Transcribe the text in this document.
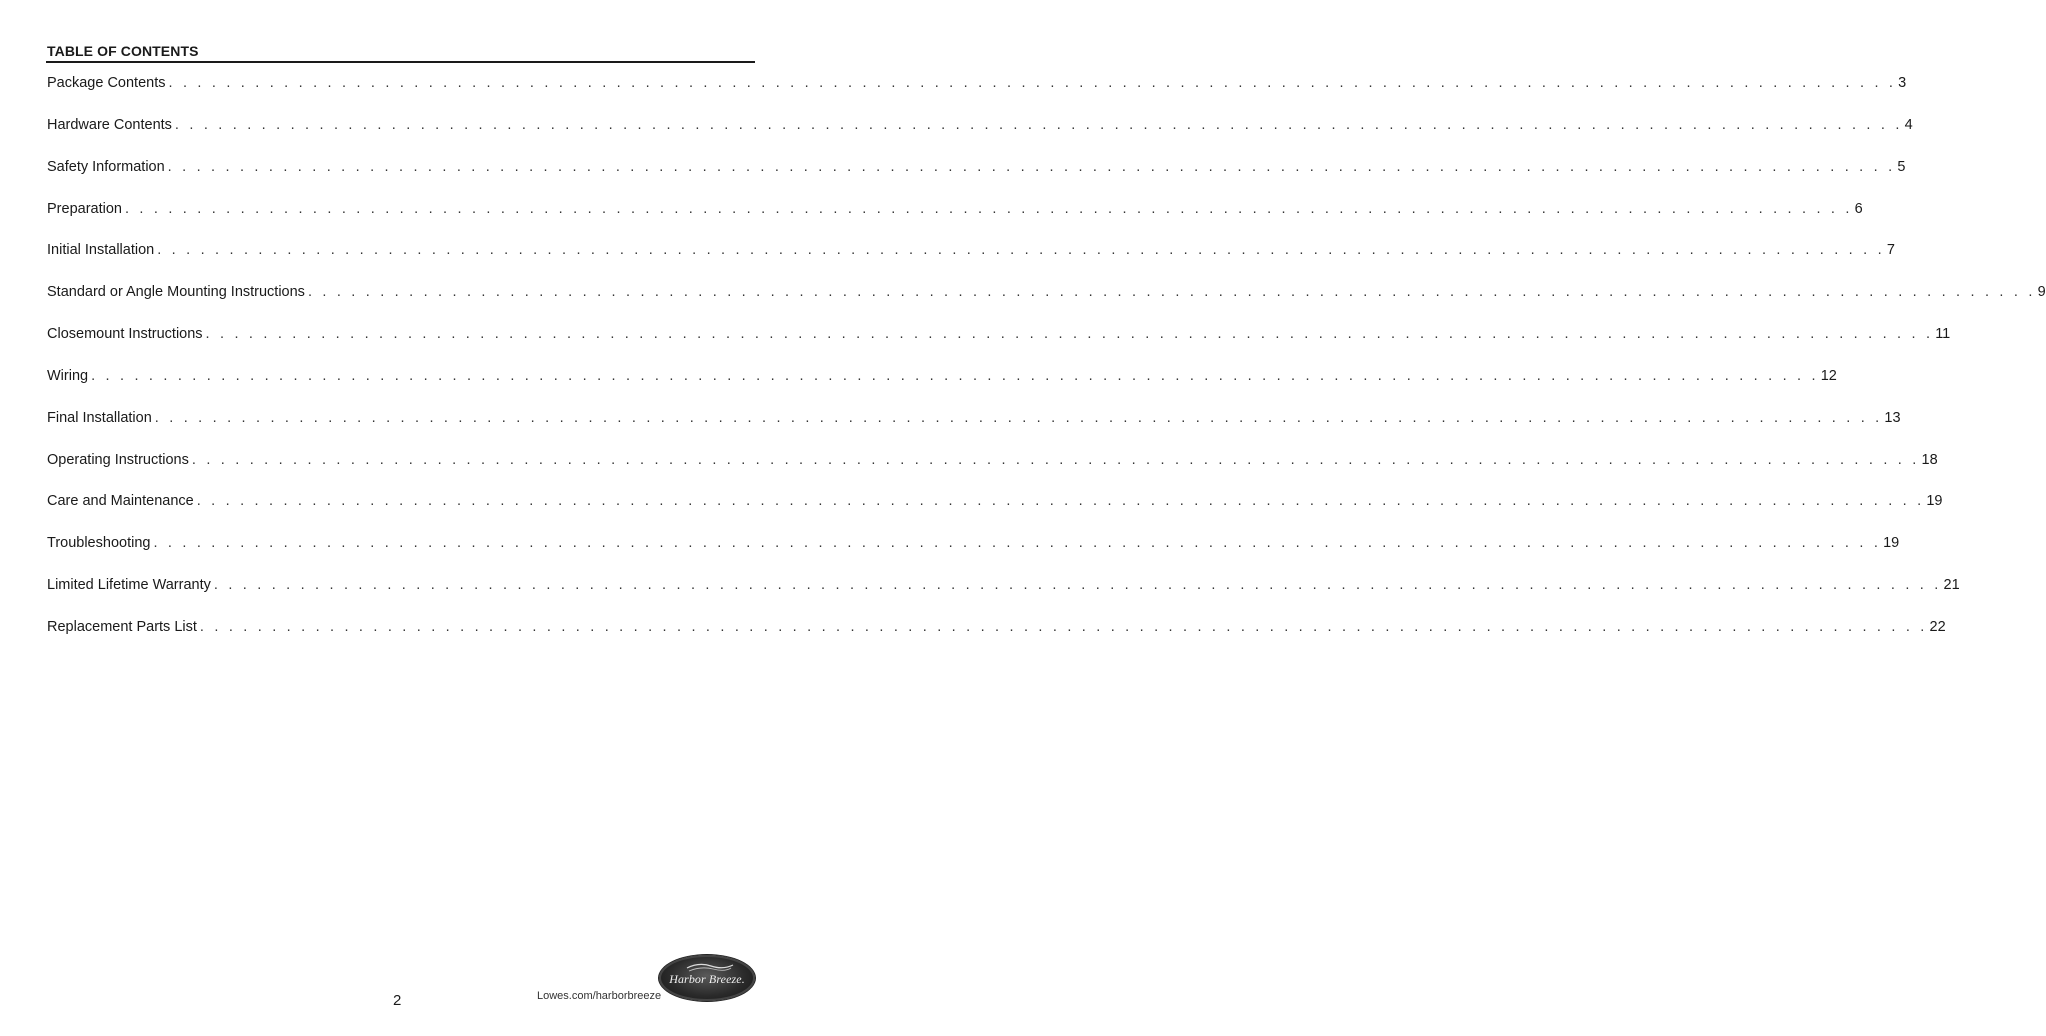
TABLE OF CONTENTS
Package Contents . . . . . . . . . . . . . . . . . . . . . . . . . . . . . . . . . . . . . . . . . . . . . . . . . . . . . . . . . . . . . . . . . . . . . . . . . . . . . . . . . . . . . . . . . . . . . . . . . . . . . . . . . . . . . . . . . . . . . . . . 3
Hardware Contents . . . . . . . . . . . . . . . . . . . . . . . . . . . . . . . . . . . . . . . . . . . . . . . . . . . . . . . . . . . . . . . . . . . . . . . . . . . . . . . . . . . . . . . . . . . . . . . . . . . . . . . . . . . . . . . . . . . . . . . . 4
Safety Information . . . . . . . . . . . . . . . . . . . . . . . . . . . . . . . . . . . . . . . . . . . . . . . . . . . . . . . . . . . . . . . . . . . . . . . . . . . . . . . . . . . . . . . . . . . . . . . . . . . . . . . . . . . . . . . . . . . . . . . . 5
Preparation . . . . . . . . . . . . . . . . . . . . . . . . . . . . . . . . . . . . . . . . . . . . . . . . . . . . . . . . . . . . . . . . . . . . . . . . . . . . . . . . . . . . . . . . . . . . . . . . . . . . . . . . . . . . . . . . . . . . . . . . 6
Initial Installation . . . . . . . . . . . . . . . . . . . . . . . . . . . . . . . . . . . . . . . . . . . . . . . . . . . . . . . . . . . . . . . . . . . . . . . . . . . . . . . . . . . . . . . . . . . . . . . . . . . . . . . . . . . . . . . . . . . . . . . . 7
Standard or Angle Mounting Instructions . . . . . . . . . . . . . . . . . . . . . . . . . . . . . . . . . . . . . . . . . . . . . . . . . . . . . . . . . . . . . . . . . . . . . . . . . . . . . . . . . . . . . . . . . . . . . . . . . . . . . . . . . . . . . . . . . . . . . . . . 9
Closemount Instructions . . . . . . . . . . . . . . . . . . . . . . . . . . . . . . . . . . . . . . . . . . . . . . . . . . . . . . . . . . . . . . . . . . . . . . . . . . . . . . . . . . . . . . . . . . . . . . . . . . . . . . . . . . . . . . . . . . . . . . . . 11
Wiring . . . . . . . . . . . . . . . . . . . . . . . . . . . . . . . . . . . . . . . . . . . . . . . . . . . . . . . . . . . . . . . . . . . . . . . . . . . . . . . . . . . . . . . . . . . . . . . . . . . . . . . . . . . . . . . . . . . . . . . . 12
Final Installation . . . . . . . . . . . . . . . . . . . . . . . . . . . . . . . . . . . . . . . . . . . . . . . . . . . . . . . . . . . . . . . . . . . . . . . . . . . . . . . . . . . . . . . . . . . . . . . . . . . . . . . . . . . . . . . . . . . . . . . . 13
Operating Instructions . . . . . . . . . . . . . . . . . . . . . . . . . . . . . . . . . . . . . . . . . . . . . . . . . . . . . . . . . . . . . . . . . . . . . . . . . . . . . . . . . . . . . . . . . . . . . . . . . . . . . . . . . . . . . . . . . . . . . . . . 18
Care and Maintenance . . . . . . . . . . . . . . . . . . . . . . . . . . . . . . . . . . . . . . . . . . . . . . . . . . . . . . . . . . . . . . . . . . . . . . . . . . . . . . . . . . . . . . . . . . . . . . . . . . . . . . . . . . . . . . . . . . . . . . . . 19
Troubleshooting . . . . . . . . . . . . . . . . . . . . . . . . . . . . . . . . . . . . . . . . . . . . . . . . . . . . . . . . . . . . . . . . . . . . . . . . . . . . . . . . . . . . . . . . . . . . . . . . . . . . . . . . . . . . . . . . . . . . . . . . 19
Limited Lifetime Warranty . . . . . . . . . . . . . . . . . . . . . . . . . . . . . . . . . . . . . . . . . . . . . . . . . . . . . . . . . . . . . . . . . . . . . . . . . . . . . . . . . . . . . . . . . . . . . . . . . . . . . . . . . . . . . . . . . . . . . . . . 21
Replacement Parts List . . . . . . . . . . . . . . . . . . . . . . . . . . . . . . . . . . . . . . . . . . . . . . . . . . . . . . . . . . . . . . . . . . . . . . . . . . . . . . . . . . . . . . . . . . . . . . . . . . . . . . . . . . . . . . . . . . . . . . . . 22
2	Lowes.com/harborbreeze
Harbor Breeze.
